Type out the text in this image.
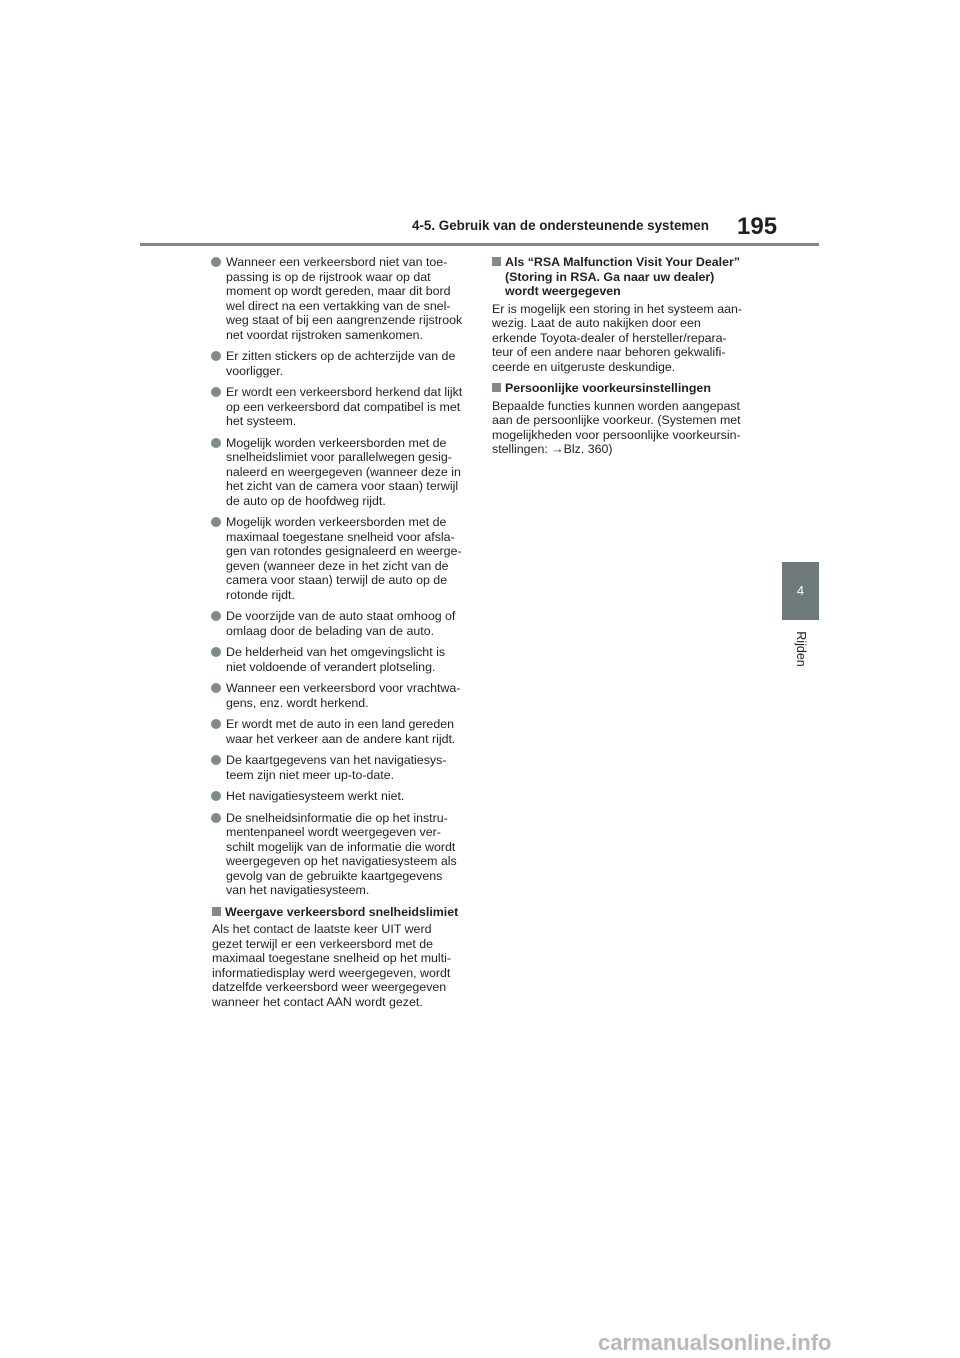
4-5. Gebruik van de ondersteunende systemen 195
4
Rijden
Wanneer een verkeersbord niet van toe-
passing is op de rijstrook waar op dat
moment op wordt gereden, maar dit bord
wel direct na een vertakking van de snel-
weg staat of bij een aangrenzende rijstrook
net voordat rijstroken samenkomen.
Er zitten stickers op de achterzijde van de
voorligger.
Er wordt een verkeersbord herkend dat lijkt
op een verkeersbord dat compatibel is met
het systeem.
Mogelijk worden verkeersborden met de
snelheidslimiet voor parallelwegen gesig-
naleerd en weergegeven (wanneer deze in
het zicht van de camera voor staan) terwijl
de auto op de hoofdweg rijdt.
Mogelijk worden verkeersborden met de
maximaal toegestane snelheid voor afsla-
gen van rotondes gesignaleerd en weerge-
geven (wanneer deze in het zicht van de
camera voor staan) terwijl de auto op de
rotonde rijdt.
De voorzijde van de auto staat omhoog of
omlaag door de belading van de auto.
De helderheid van het omgevingslicht is
niet voldoende of verandert plotseling.
Wanneer een verkeersbord voor vrachtwa-
gens, enz. wordt herkend.
Er wordt met de auto in een land gereden
waar het verkeer aan de andere kant rijdt.
De kaartgegevens van het navigatiesys-
teem zijn niet meer up-to-date.
Het navigatiesysteem werkt niet.
De snelheidsinformatie die op het instru-
mentenpaneel wordt weergegeven ver-
schilt mogelijk van de informatie die wordt
weergegeven op het navigatiesysteem als
gevolg van de gebruikte kaartgegevens
van het navigatiesysteem.
Weergave verkeersbord snelheidslimiet
Als het contact de laatste keer UIT werd
gezet terwijl er een verkeersbord met de
maximaal toegestane snelheid op het multi-
informatiedisplay werd weergegeven, wordt
datzelfde verkeersbord weer weergegeven
wanneer het contact AAN wordt gezet.
Als “RSA Malfunction Visit Your Dealer”
(Storing in RSA. Ga naar uw dealer)
wordt weergegeven
Er is mogelijk een storing in het systeem aan-
wezig. Laat de auto nakijken door een
erkende Toyota-dealer of hersteller/repara-
teur of een andere naar behoren gekwalifi-
ceerde en uitgeruste deskundige.
Persoonlijke voorkeursinstellingen
Bepaalde functies kunnen worden aangepast
aan de persoonlijke voorkeur. (Systemen met
mogelijkheden voor persoonlijke voorkeursin-
stellingen: →Blz. 360)
carmanualsonline.info
